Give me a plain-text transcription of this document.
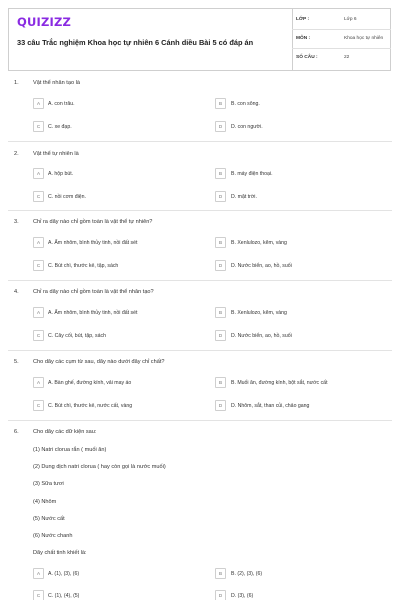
QUIZIZZ
33 câu Trắc nghiệm Khoa học tự nhiên 6 Cánh diều Bài 5 có đáp án
LỚP :	Lớp 6
MÔN :	Khoa học tự nhiên
SỐ CÂU :	22
1.	Vật thể nhân tạo là
A	A. con trâu.	B	B. con sông.
C	C. xe đạp.	D	D. con người.
2.	Vật thể tự nhiên là
A	A. hộp bút.	B	B. máy điện thoại.
C	C. nồi cơm điện.	D	D. mặt trời.
3.	Chỉ ra dãy nào chỉ gồm toàn là vật thể tự nhiên?
A	A. Ấm nhôm, bình thủy tinh, nồi đất sét	B	B. Xenlulozo, kẽm, vàng
C	C. Bút chì, thước kẻ, tập, sách	D	D. Nước biển, ao, hồ, suối
4.	Chỉ ra dãy nào chỉ gồm toàn là vật thể nhân tạo?
A	A. Ấm nhôm, bình thủy tinh, nồi đất sét	B	B. Xenlulozo, kẽm, vàng
C	C. Cây cối, bút, tập, sách	D	D. Nước biển, ao, hồ, suối
5.	Cho dãy các cụm từ sau, dãy nào dưới đây chỉ chất?
A	A. Bàn ghế, đường kính, vải may áo	B	B. Muối ăn, đường kính, bột sắt, nước cất
C	C. Bút chì, thước kẻ, nước cất, vàng	D	D. Nhôm, sắt, than củi, chảo gang
6.	Cho dãy các dữ kiện sau:
(1) Natri clorua rắn ( muối ăn)
(2) Dung dịch natri clorua ( hay còn gọi là nước muối)
(3) Sữa tươi
(4) Nhôm
(5) Nước cất
(6) Nước chanh
Dãy chất tinh khiết là:
A	A. (1), (3), (6)	B	B. (2), (3), (6)
C	C. (1), (4), (5)	D	D. (3), (6)
